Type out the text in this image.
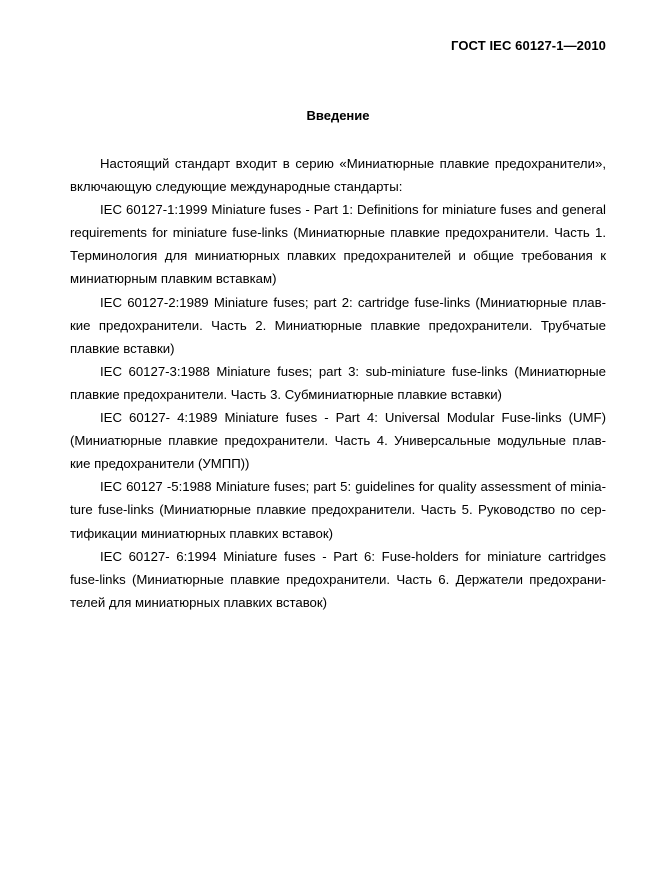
ГОСТ IEC 60127-1—2010
Введение
Настоящий стандарт входит в серию «Миниатюрные плавкие предохранители»,
включающую следующие международные стандарты:
IEC 60127-1:1999 Miniature fuses - Part 1: Definitions for miniature fuses and general
requirements for miniature fuse-links (Миниатюрные плавкие предохранители. Часть 1.
Терминология для миниатюрных плавких предохранителей и общие требования к
миниатюрным плавким вставкам)
IEC 60127-2:1989 Miniature fuses; part 2: cartridge fuse-links (Миниатюрные плав-
кие предохранители. Часть 2. Миниатюрные плавкие предохранители. Трубчатые
плавкие вставки)
IEC 60127-3:1988 Miniature fuses; part 3: sub-miniature fuse-links (Миниатюрные
плавкие предохранители. Часть 3. Субминиатюрные плавкие вставки)
IEC 60127- 4:1989 Miniature fuses - Part 4: Universal Modular Fuse-links (UMF)
(Миниатюрные плавкие предохранители. Часть 4. Универсальные модульные плав-
кие предохранители (УМПП))
IEC 60127 -5:1988 Miniature fuses; part 5: guidelines for quality assessment of minia-
ture fuse-links (Миниатюрные плавкие предохранители. Часть 5. Руководство по сер-
тификации миниатюрных плавких вставок)
IEC 60127- 6:1994 Miniature fuses - Part 6: Fuse-holders for miniature cartridges
fuse-links (Миниатюрные плавкие предохранители. Часть 6. Держатели предохрани-
телей для миниатюрных плавких вставок)
